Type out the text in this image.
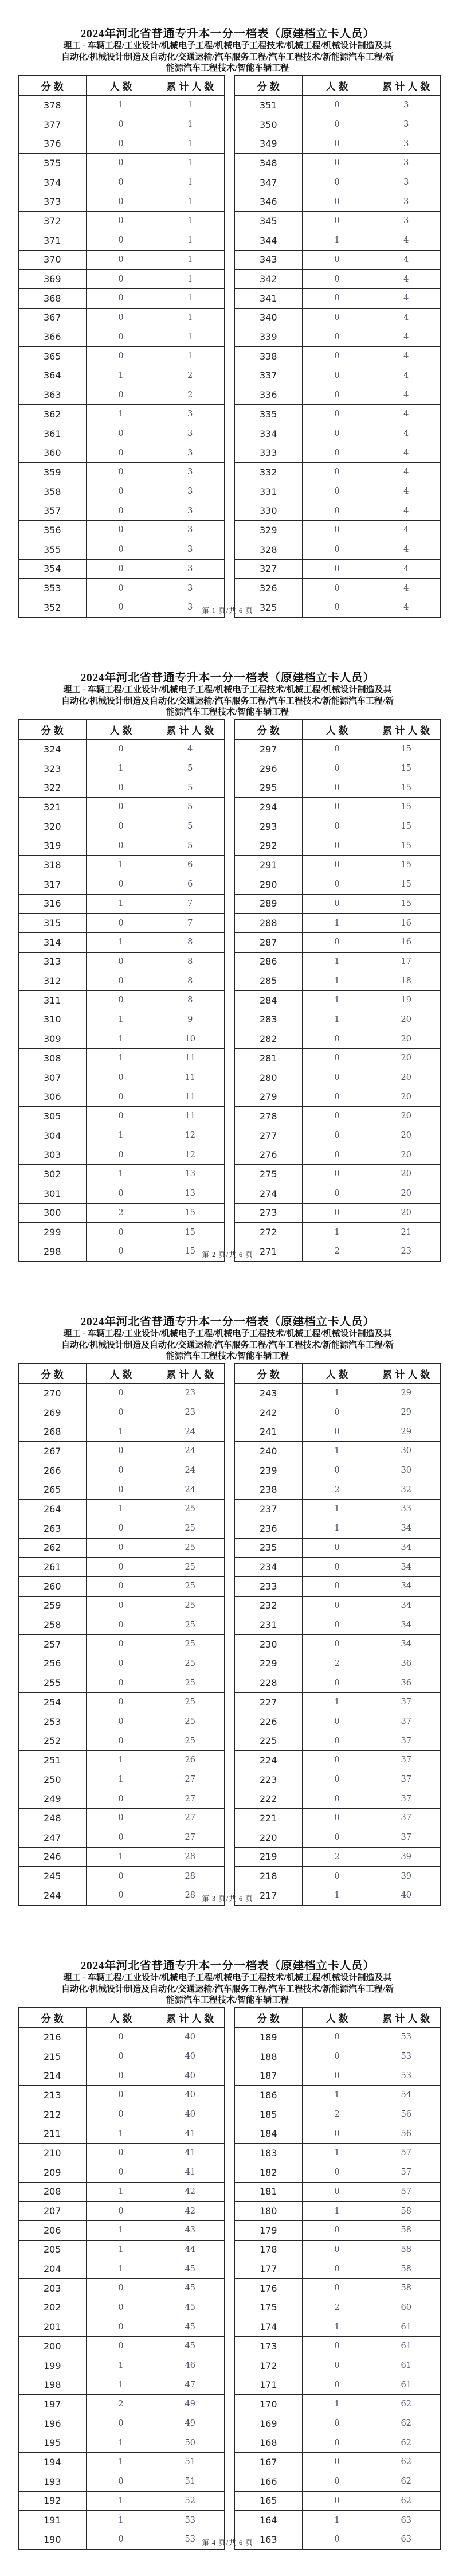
2024年河北省普通专升本一分一档表（原建档立卡人员）
理工 - 车辆工程/工业设计/机械电子工程/机械电子工程技术/机械工程/机械设计制造及其
自动化/机械设计制造及自动化/交通运输/汽车服务工程/汽车工程技术/新能源汽车工程/新
能源汽车工程技术/智能车辆工程
分数	人数	累计人数
378	1	1
377	0	1
376	0	1
375	0	1
374	0	1
373	0	1
372	0	1
371	0	1
370	0	1
369	0	1
368	0	1
367	0	1
366	0	1
365	0	1
364	1	2
363	0	2
362	1	3
361	0	3
360	0	3
359	0	3
358	0	3
357	0	3
356	0	3
355	0	3
354	0	3
353	0	3
352	0	3
分数	人数	累计人数
351	0	3
350	0	3
349	0	3
348	0	3
347	0	3
346	0	3
345	0	3
344	1	4
343	0	4
342	0	4
341	0	4
340	0	4
339	0	4
338	0	4
337	0	4
336	0	4
335	0	4
334	0	4
333	0	4
332	0	4
331	0	4
330	0	4
329	0	4
328	0	4
327	0	4
326	0	4
325	0	4
第 1 页/共 6 页
2024年河北省普通专升本一分一档表（原建档立卡人员）
理工 - 车辆工程/工业设计/机械电子工程/机械电子工程技术/机械工程/机械设计制造及其
自动化/机械设计制造及自动化/交通运输/汽车服务工程/汽车工程技术/新能源汽车工程/新
能源汽车工程技术/智能车辆工程
分数	人数	累计人数
324	0	4
323	1	5
322	0	5
321	0	5
320	0	5
319	0	5
318	1	6
317	0	6
316	1	7
315	0	7
314	1	8
313	0	8
312	0	8
311	0	8
310	1	9
309	1	10
308	1	11
307	0	11
306	0	11
305	0	11
304	1	12
303	0	12
302	1	13
301	0	13
300	2	15
299	0	15
298	0	15
分数	人数	累计人数
297	0	15
296	0	15
295	0	15
294	0	15
293	0	15
292	0	15
291	0	15
290	0	15
289	0	15
288	1	16
287	0	16
286	1	17
285	1	18
284	1	19
283	1	20
282	0	20
281	0	20
280	0	20
279	0	20
278	0	20
277	0	20
276	0	20
275	0	20
274	0	20
273	0	20
272	1	21
271	2	23
第 2 页/共 6 页
2024年河北省普通专升本一分一档表（原建档立卡人员）
理工 - 车辆工程/工业设计/机械电子工程/机械电子工程技术/机械工程/机械设计制造及其
自动化/机械设计制造及自动化/交通运输/汽车服务工程/汽车工程技术/新能源汽车工程/新
能源汽车工程技术/智能车辆工程
分数	人数	累计人数
270	0	23
269	0	23
268	1	24
267	0	24
266	0	24
265	0	24
264	1	25
263	0	25
262	0	25
261	0	25
260	0	25
259	0	25
258	0	25
257	0	25
256	0	25
255	0	25
254	0	25
253	0	25
252	0	25
251	1	26
250	1	27
249	0	27
248	0	27
247	0	27
246	1	28
245	0	28
244	0	28
分数	人数	累计人数
243	1	29
242	0	29
241	0	29
240	1	30
239	0	30
238	2	32
237	1	33
236	1	34
235	0	34
234	0	34
233	0	34
232	0	34
231	0	34
230	0	34
229	2	36
228	0	36
227	1	37
226	0	37
225	0	37
224	0	37
223	0	37
222	0	37
221	0	37
220	0	37
219	2	39
218	0	39
217	1	40
第 3 页/共 6 页
2024年河北省普通专升本一分一档表（原建档立卡人员）
理工 - 车辆工程/工业设计/机械电子工程/机械电子工程技术/机械工程/机械设计制造及其
自动化/机械设计制造及自动化/交通运输/汽车服务工程/汽车工程技术/新能源汽车工程/新
能源汽车工程技术/智能车辆工程
分数	人数	累计人数
216	0	40
215	0	40
214	0	40
213	0	40
212	0	40
211	1	41
210	0	41
209	0	41
208	1	42
207	0	42
206	1	43
205	1	44
204	1	45
203	0	45
202	0	45
201	0	45
200	0	45
199	1	46
198	1	47
197	2	49
196	0	49
195	1	50
194	1	51
193	0	51
192	1	52
191	1	53
190	0	53
分数	人数	累计人数
189	0	53
188	0	53
187	0	53
186	1	54
185	2	56
184	0	56
183	1	57
182	0	57
181	0	57
180	1	58
179	0	58
178	0	58
177	0	58
176	0	58
175	2	60
174	1	61
173	0	61
172	0	61
171	0	61
170	1	62
169	0	62
168	0	62
167	0	62
166	0	62
165	0	62
164	1	63
163	0	63
第 4 页/共 6 页
